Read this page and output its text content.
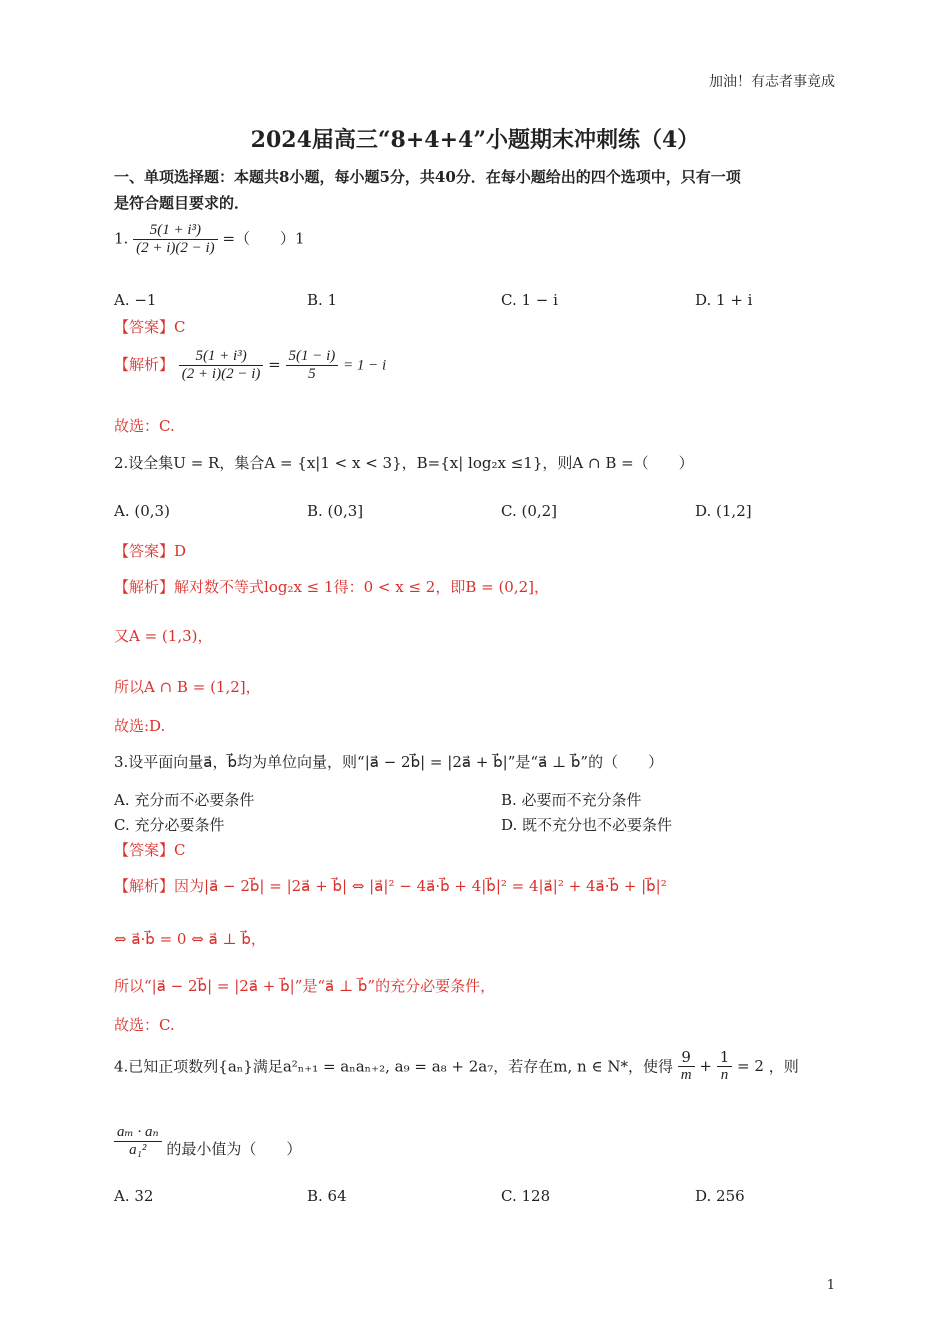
加油！有志者事竟成
2024届高三“8+4+4”小题期末冲刺练（4）
一、单项选择题：本题共8小题，每小题5分，共40分．在每小题给出的四个选项中，只有一项
是符合题目要求的．
1. $\frac{\text{5(1 + i³)}}{(2 + i)(2 - i)}$ =（　　）1
A. −1	B. 1	C. 1 − i	D. 1 + i
【答案】C
【解析】 $\frac{\text{5(1 + i³)}}{(2 + i)(2 - i)} = \frac{5(1 - i)}{5} = 1 - i$
故选：C.
2.设全集U = R，集合A = {x|1 < x < 3}，B={x| log₂x ≤1}，则A ∩ B =（　　）
A. (0,3)	B. (0,3]	C. (0,2]	D. (1,2]
【答案】D
【解析】解对数不等式log₂x ≤ 1得：0 < x ≤ 2，即B = (0,2]，
又A = (1,3)，
所以A ∩ B = (1,2]，
故选:D.
3.设平面向量a⃗，b⃗均为单位向量，则“|a⃗ − 2b⃗| = |2a⃗ + b⃗|”是“a⃗ ⊥ b⃗”的（　　）
A. 充分而不必要条件	B. 必要而不充分条件
C. 充分必要条件	D. 既不充分也不必要条件
【答案】C
【解析】因为|a⃗ − 2b⃗| = |2a⃗ + b⃗| ⇔ |a⃗|² − 4a⃗·b⃗ + 4|b⃗|² = 4|a⃗|² + 4a⃗·b⃗ + |b⃗|²
⇔ a⃗·b⃗ = 0 ⇔ a⃗ ⊥ b⃗，
所以“|a⃗ − 2b⃗| = |2a⃗ + b⃗|”是“a⃗ ⊥ b⃗”的充分必要条件，
故选：C.
4.已知正项数列{aₙ}满足a²ₙ₊₁ = aₙaₙ₊₂, a₉ = a₈ + 2a₇，若存在m, n ∈ N*，使得 $\frac{9}{m} + \frac{1}{n} = 2$ ，则
$\frac{\text{aₘ · aₙ}}{\text{a₁²}}$ 的最小值为（　　）
A. 32	B. 64	C. 128	D. 256
1
